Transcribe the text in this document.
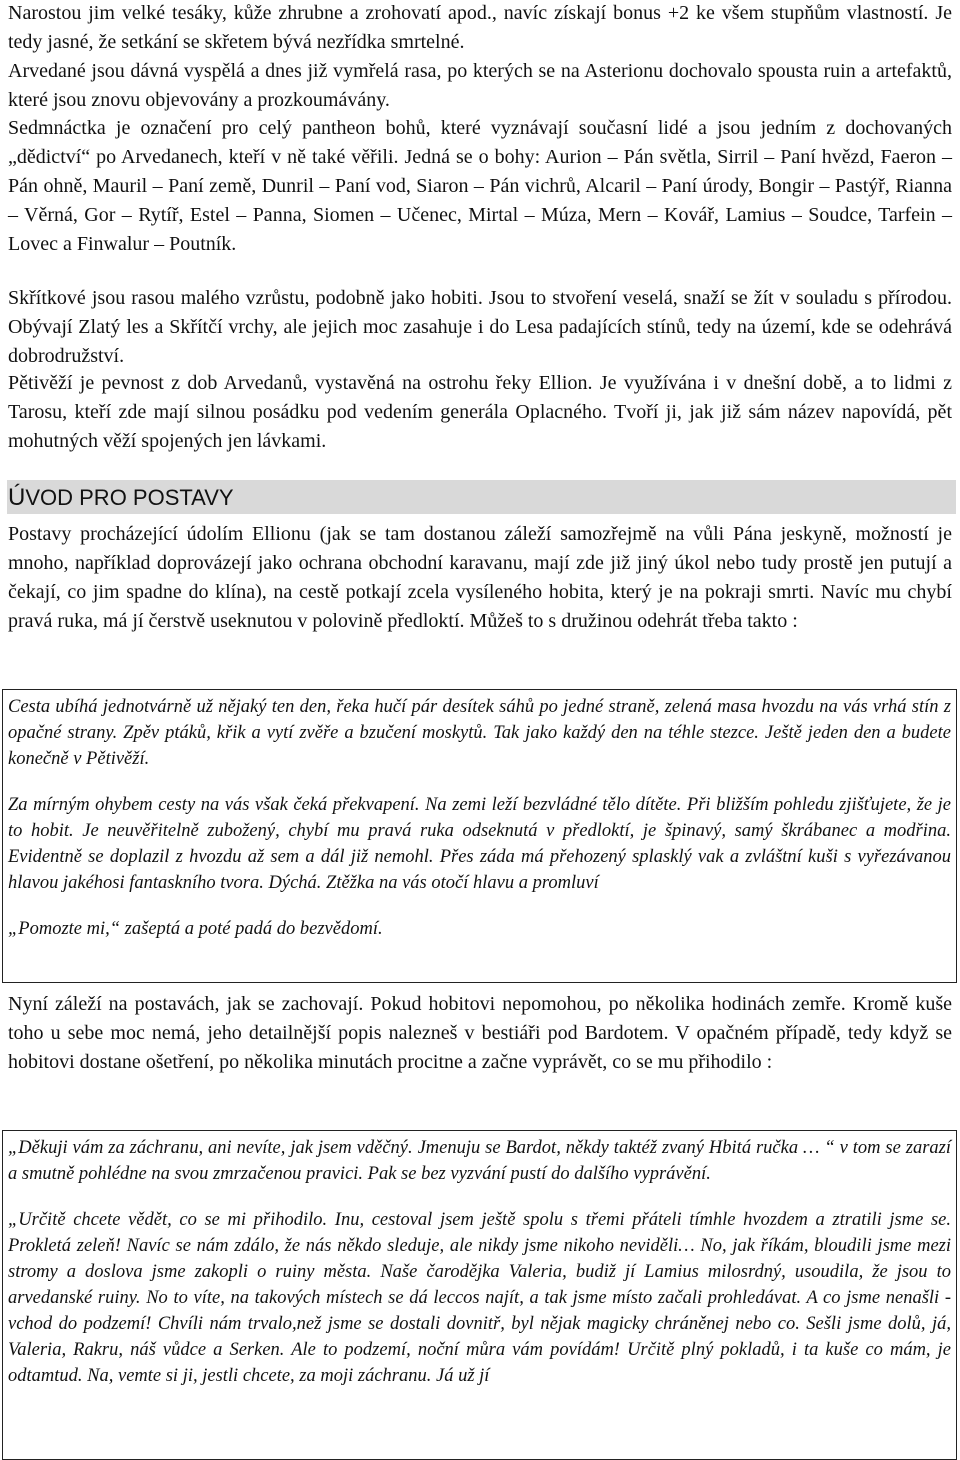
Narostou jim velké tesáky, kůže zhrubne a zrohovatí apod., navíc získají bonus +2 ke všem stupňům vlastností. Je tedy jasné, že setkání se skřetem bývá nezřídka smrtelné.

Arvedané jsou dávná vyspělá a dnes již vymřelá rasa, po kterých se na Asterionu dochovalo spousta ruin a artefaktů, které jsou znovu objevovány a prozkoumávány.

Sedmnáctka je označení pro celý pantheon bohů, které vyznávají současní lidé a jsou jedním z dochovaných „dědictví“ po Arvedanech, kteří v ně také věřili. Jedná se o bohy: Aurion – Pán světla, Sirril – Paní hvězd, Faeron – Pán ohně, Mauril – Paní země, Dunril – Paní vod, Siaron – Pán vichrů, Alcaril – Paní úrody, Bongir – Pastýř, Rianna – Věrná, Gor – Rytíř, Estel – Panna, Siomen – Učenec, Mirtal – Múza, Mern – Kovář, Lamius – Soudce, Tarfein – Lovec a Finwalur – Poutník.

Skřítkové jsou rasou malého vzrůstu, podobně jako hobiti. Jsou to stvoření veselá, snaží se žít v souladu s přírodou. Obývají Zlatý les a Skřítčí vrchy, ale jejich moc zasahuje i do Lesa padajících stínů, tedy na území, kde se odehrává dobrodružství.

Pětivěží je pevnost z dob Arvedanů, vystavěná na ostrohu řeky Ellion. Je využívána i v dnešní době, a to lidmi z Tarosu, kteří zde mají silnou posádku pod vedením generála Oplacného. Tvoří ji, jak již sám název napovídá, pět mohutných věží spojených jen lávkami.

ÚVOD PRO POSTAVY

Postavy procházející údolím Ellionu (jak se tam dostanou záleží samozřejmě na vůli Pána jeskyně, možností je mnoho, například doprovázejí jako ochrana obchodní karavanu, mají zde již jiný úkol nebo tudy prostě jen putují a čekají, co jim spadne do klína), na cestě potkají zcela vysíleného hobita, který je na pokraji smrti. Navíc mu chybí pravá ruka, má jí čerstvě useknutou v polovině předloktí. Můžeš to s družinou odehrát třeba takto :

Cesta ubíhá jednotvárně už nějaký ten den, řeka hučí pár desítek sáhů po jedné straně, zelená masa hvozdu na vás vrhá stín z opačné strany. Zpěv ptáků, křik a vytí zvěře a bzučení moskytů. Tak jako každý den na téhle stezce. Ještě jeden den a budete konečně v Pětivěží.

Za mírným ohybem cesty na vás však čeká překvapení. Na zemi leží bezvládné tělo dítěte. Při bližším pohledu zjišťujete, že je to hobit. Je neuvěřitelně zubožený, chybí mu pravá ruka odseknutá v předloktí, je špinavý, samý škrábanec a modřina. Evidentně se doplazil z hvozdu až sem a dál již nemohl. Přes záda má přehozený splasklý vak a zvláštní kuši s vyřezávanou hlavou jakéhosi fantaskního tvora. Dýchá. Ztěžka na vás otočí hlavu a promluví

„Pomozte mi,“ zašeptá a poté padá do bezvědomí.

Nyní záleží na postavách, jak se zachovají. Pokud hobitovi nepomohou, po několika hodinách zemře. Kromě kuše toho u sebe moc nemá, jeho detailnější popis nalezneš v bestiáři pod Bardotem. V opačném případě, tedy když se hobitovi dostane ošetření, po několika minutách procitne a začne vyprávět, co se mu přihodilo :

„Děkuji vám za záchranu, ani nevíte, jak jsem vděčný. Jmenuju se Bardot, někdy taktéž zvaný Hbitá ručka … “ v tom se zarazí a smutně pohlédne na svou zmrzačenou pravici. Pak se bez vyzvání pustí do dalšího vyprávění.

„Určitě chcete vědět, co se mi přihodilo. Inu, cestoval jsem ještě spolu s třemi přáteli tímhle hvozdem a ztratili jsme se. Prokletá zeleň! Navíc se nám zdálo, že nás někdo sleduje, ale nikdy jsme nikoho neviděli… No, jak říkám, bloudili jsme mezi stromy a doslova jsme zakopli o ruiny města. Naše čarodějka Valeria, budiž jí Lamius milosrdný, usoudila, že jsou to arvedanské ruiny. No to víte, na takových místech se dá leccos najít, a tak jsme místo začali prohledávat. A co jsme nenašli - vchod do podzemí! Chvíli nám trvalo,než jsme se dostali dovnitř, byl nějak magicky chráněnej nebo co. Sešli jsme dolů, já, Valeria, Rakru, náš vůdce a Serken. Ale to podzemí, noční můra vám povídám! Určitě plný pokladů, i ta kuše co mám, je odtamtud. Na, vemte si ji, jestli chcete, za moji záchranu. Já už jí
